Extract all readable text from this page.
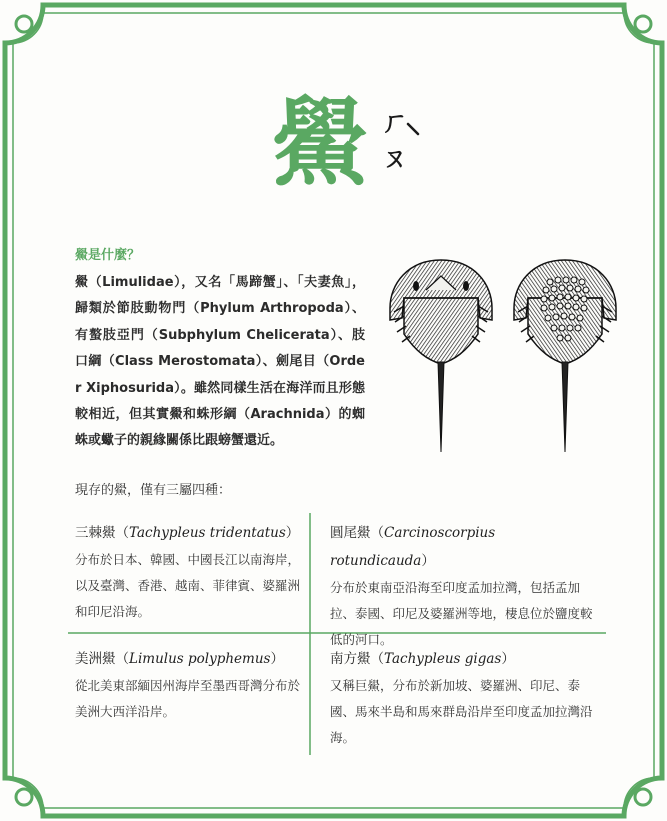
鱟 ㄏ
ㄡ
鱟是什麼？
鱟（Limulidae），又名「馬蹄蟹」、「夫妻魚」，歸類於節肢動物門（Phylum Arthropoda）、有螯肢亞門（Subphylum Chelicerata）、肢口綱（Class Merostomata）、劍尾目（Order Xiphosurida）。雖然同樣生活在海洋而且形態較相近，但其實鱟和蛛形綱（Arachnida）的蜘蛛或蠍子的親緣關係比跟螃蟹還近。
現存的鱟，僅有三屬四種：
三棘鱟（Tachypleus tridentatus）
分布於日本、韓國、中國長江以南海岸，以及臺灣、香港、越南、菲律賓、婆羅洲和印尼沿海。
圓尾鱟（Carcinoscorpius rotundicauda）
分布於東南亞沿海至印度孟加拉灣，包括孟加拉、泰國、印尼及婆羅洲等地，棲息位於鹽度較低的河口。
美洲鱟（Limulus polyphemus）
從北美東部緬因州海岸至墨西哥灣分布於美洲大西洋沿岸。
南方鱟（Tachypleus gigas）
又稱巨鱟，分布於新加坡、婆羅洲、印尼、泰國、馬來半島和馬來群島沿岸至印度孟加拉灣沿海。
